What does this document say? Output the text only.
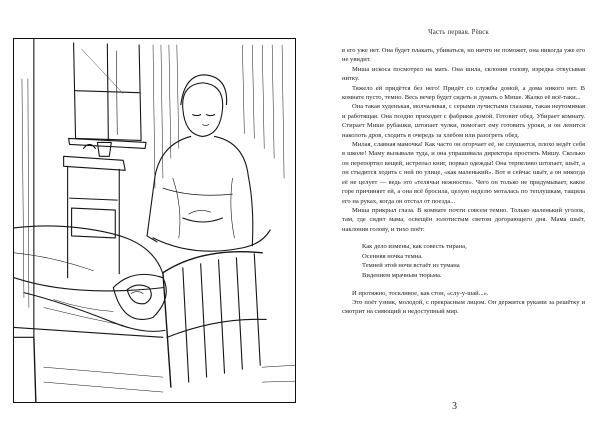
Часть первая. Рёвск

в его уже нет. Она будет плакать, убиваться, но ничто не поможет, она никогда уже его не увидит.

Миша искоса посмотрел на мать. Она шила, склонив голову, изредка откусывая нитку.

Тяжело ей придётся без него! Придёт со службы домой, а дома никого нет. В комнате пусто, темно. Весь вечер будет сидеть и думать о Мише. Жалко её всё-таки...

Она такая худенькая, молчаливая, с серыми лучистыми глазами, такая неутомимая и работящая. Она поздно приходит с фабрики домой. Готовит обед. Убирает комнату. Стирает Мише рубашки, штопает чулки, помогает ему готовить уроки, и он ленится наколоть дров, сходить в очередь за хлебом или разогреть обед.

Милая, славная мамочка! Как часто он огорчает её, не слушается, плохо ведёт себя в школе! Маму вызывали туда, и она упрашивала директора простить Мишу. Сколько он перепортил вещей, истрепал книг, порвал одежды! Она терпеливо штопает, шьёт, а он стыдится ходить с ней по улице, «как маленький». Вот и сейчас шьёт, а он никогда её не целует — ведь это «телячьи нежности». Чего он только не придумывает, какое горе причиняет ей, а она всё бросила, целую неделю моталась по теплушкам, тащила его на руках, когда он отстал от поезда...

Миша прикрыл глаза. В комнате почти совсем темно. Только маленький уголок, там, где сидит мама, освещён золотистым светом догорающего дня. Мама шьёт, наклонив голову, и тихо поёт:

Как дело измены, как совесть тирана,
Осенняя ночка темна.
Темней этой ночи встаёт из тумана
Видением мрачным тюрьма.

И протяжно, тоскливое, как стон, «слу-у-шай...».

Это поёт узник, молодой, с прекрасным лицом. Он держится руками за решётку и смотрит на сияющий и недоступный мир.

3
